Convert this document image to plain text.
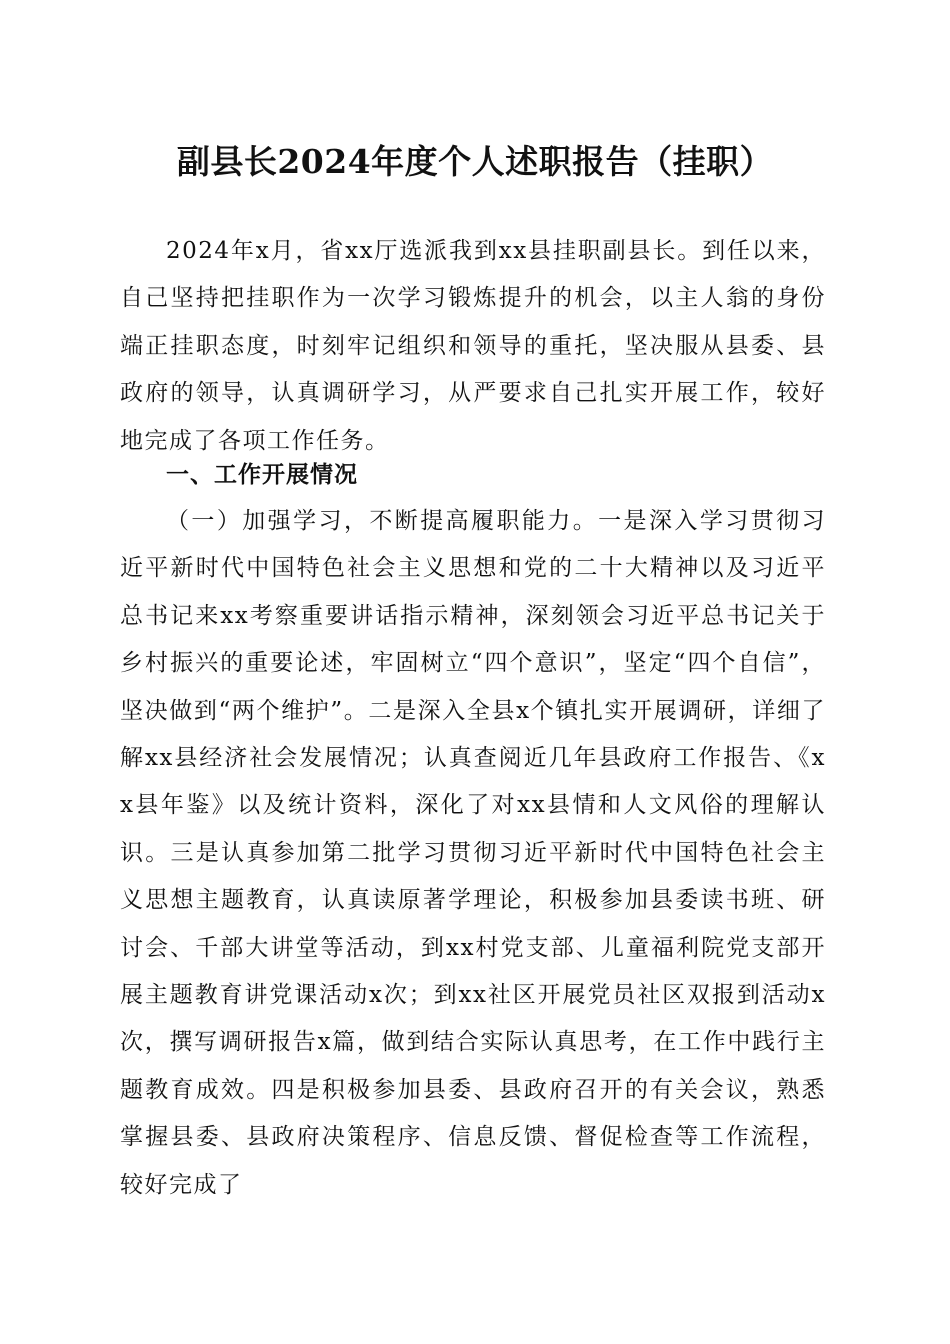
副县长2024年度个人述职报告（挂职）

2024年x月，省xx厅选派我到xx县挂职副县长。到任以来，自己坚持把挂职作为一次学习锻炼提升的机会，以主人翁的身份端正挂职态度，时刻牢记组织和领导的重托，坚决服从县委、县政府的领导，认真调研学习，从严要求自己扎实开展工作，较好地完成了各项工作任务。

一、工作开展情况

（一）加强学习，不断提高履职能力。一是深入学习贯彻习近平新时代中国特色社会主义思想和党的二十大精神以及习近平总书记来xx考察重要讲话指示精神，深刻领会习近平总书记关于乡村振兴的重要论述，牢固树立“四个意识”，坚定“四个自信”，坚决做到“两个维护”。二是深入全县x个镇扎实开展调研，详细了解xx县经济社会发展情况；认真查阅近几年县政府工作报告、《xx县年鉴》以及统计资料，深化了对xx县情和人文风俗的理解认识。三是认真参加第二批学习贯彻习近平新时代中国特色社会主义思想主题教育，认真读原著学理论，积极参加县委读书班、研讨会、千部大讲堂等活动，到xx村党支部、儿童福利院党支部开展主题教育讲党课活动x次；到xx社区开展党员社区双报到活动x次，撰写调研报告x篇，做到结合实际认真思考，在工作中践行主题教育成效。四是积极参加县委、县政府召开的有关会议，熟悉掌握县委、县政府决策程序、信息反馈、督促检查等工作流程，较好完成了
